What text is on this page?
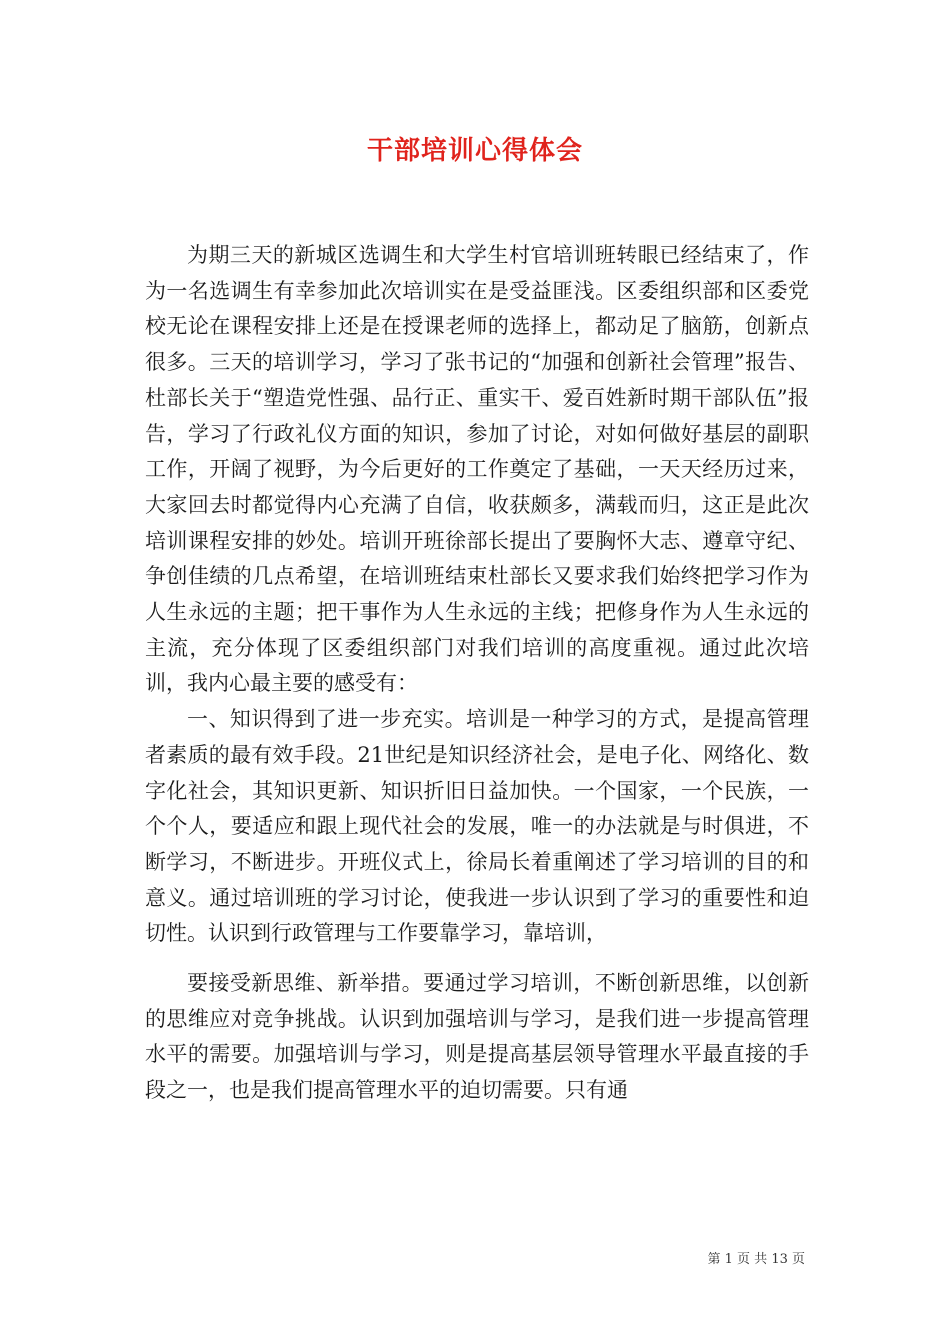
干部培训心得体会

为期三天的新城区选调生和大学生村官培训班转眼已经结束了，作为一名选调生有幸参加此次培训实在是受益匪浅。区委组织部和区委党校无论在课程安排上还是在授课老师的选择上，都动足了脑筋，创新点很多。三天的培训学习，学习了张书记的“加强和创新社会管理”报告、杜部长关于“塑造党性强、品行正、重实干、爱百姓新时期干部队伍”报告，学习了行政礼仪方面的知识，参加了讨论，对如何做好基层的副职工作，开阔了视野，为今后更好的工作奠定了基础，一天天经历过来，大家回去时都觉得内心充满了自信，收获颇多，满载而归，这正是此次培训课程安排的妙处。培训开班徐部长提出了要胸怀大志、遵章守纪、争创佳绩的几点希望，在培训班结束杜部长又要求我们始终把学习作为人生永远的主题；把干事作为人生永远的主线；把修身作为人生永远的主流，充分体现了区委组织部门对我们培训的高度重视。通过此次培训，我内心最主要的感受有：

一、知识得到了进一步充实。培训是一种学习的方式，是提高管理者素质的最有效手段。21世纪是知识经济社会，是电子化、网络化、数字化社会，其知识更新、知识折旧日益加快。一个国家，一个民族，一个个人，要适应和跟上现代社会的发展，唯一的办法就是与时俱进，不断学习，不断进步。开班仪式上，徐局长着重阐述了学习培训的目的和意义。通过培训班的学习讨论，使我进一步认识到了学习的重要性和迫切性。认识到行政管理与工作要靠学习，靠培训，

要接受新思维、新举措。要通过学习培训，不断创新思维，以创新的思维应对竞争挑战。认识到加强培训与学习，是我们进一步提高管理水平的需要。加强培训与学习，则是提高基层领导管理水平最直接的手段之一，也是我们提高管理水平的迫切需要。只有通

第 1 页 共 13 页
